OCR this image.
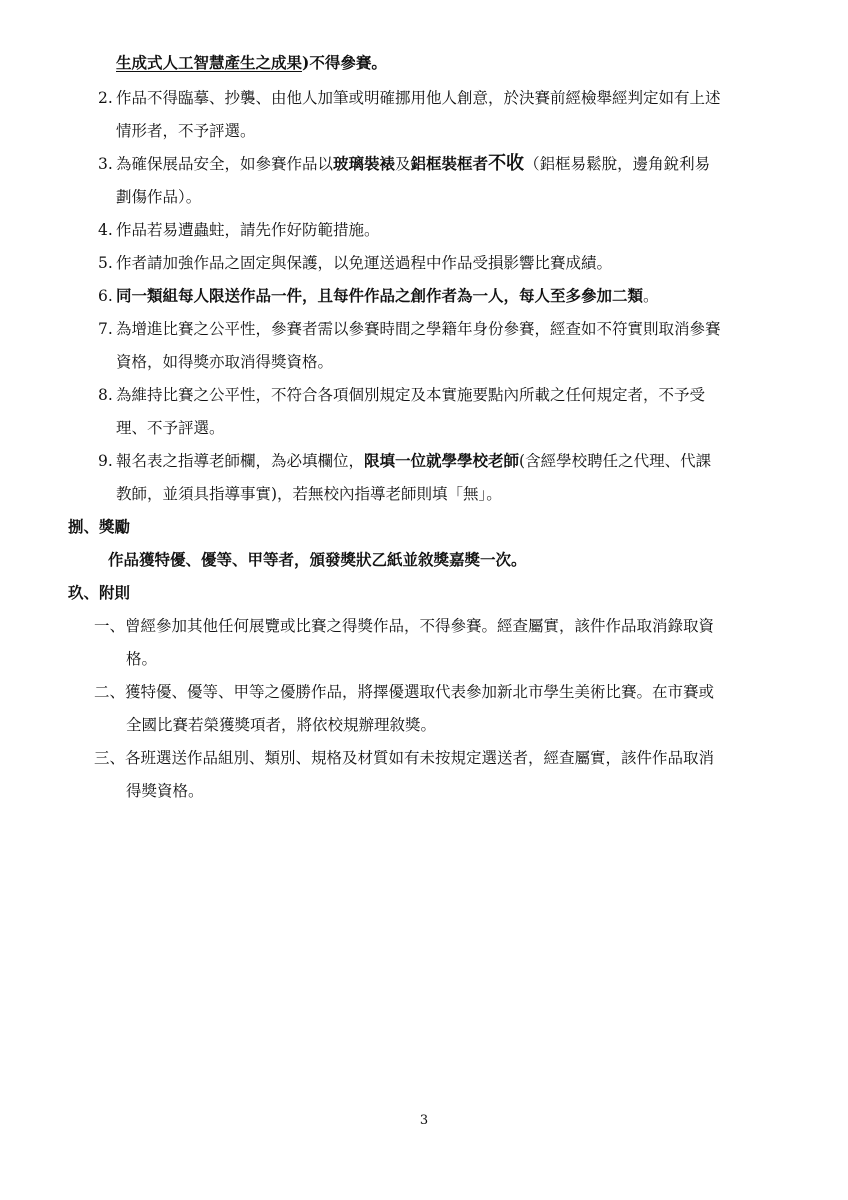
生成式人工智慧產生之成果)不得參賽。
2. 作品不得臨摹、抄襲、由他人加筆或明確挪用他人創意，於決賽前經檢舉經判定如有上述
情形者，不予評選。
3. 為確保展品安全，如參賽作品以玻璃裝裱及鋁框裝框者不收（鋁框易鬆脫，邊角銳利易
劃傷作品）。
4. 作品若易遭蟲蛀，請先作好防範措施。
5. 作者請加強作品之固定與保護，以免運送過程中作品受損影響比賽成績。
6. 同一類組每人限送作品一件，且每件作品之創作者為一人，每人至多參加二類。
7. 為增進比賽之公平性，參賽者需以參賽時間之學籍年身份參賽，經查如不符實則取消參賽
資格，如得獎亦取消得獎資格。
8. 為維持比賽之公平性，不符合各項個別規定及本實施要點內所載之任何規定者，不予受
理、不予評選。
9. 報名表之指導老師欄，為必填欄位，限填一位就學學校老師(含經學校聘任之代理、代課
教師，並須具指導事實)，若無校內指導老師則填「無」。
捌、獎勵
作品獲特優、優等、甲等者，頒發獎狀乙紙並敘獎嘉獎一次。
玖、附則
一、曾經參加其他任何展覽或比賽之得獎作品，不得參賽。經查屬實，該件作品取消錄取資
格。
二、獲特優、優等、甲等之優勝作品，將擇優選取代表參加新北市學生美術比賽。在市賽或
全國比賽若榮獲獎項者，將依校規辦理敘獎。
三、各班選送作品組別、類別、規格及材質如有未按規定選送者，經查屬實，該件作品取消
得獎資格。
3
